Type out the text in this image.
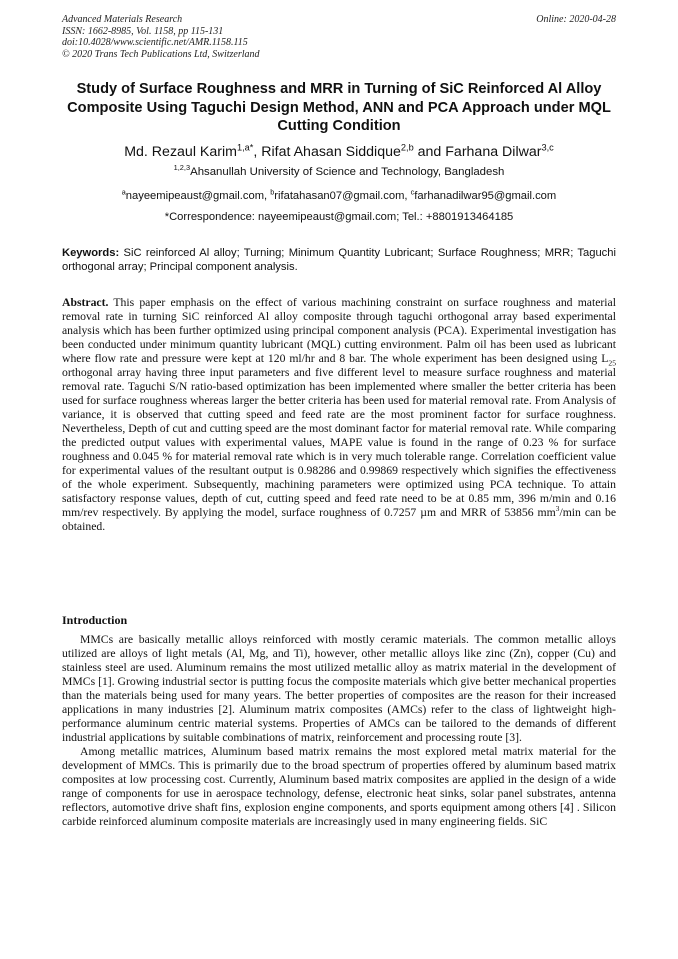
Advanced Materials Research
ISSN: 1662-8985, Vol. 1158, pp 115-131
doi:10.4028/www.scientific.net/AMR.1158.115
© 2020 Trans Tech Publications Ltd, Switzerland
Online: 2020-04-28
Study of Surface Roughness and MRR in Turning of SiC Reinforced Al Alloy Composite Using Taguchi Design Method, ANN and PCA Approach under MQL Cutting Condition
Md. Rezaul Karim$^{1,a*}$, Rifat Ahasan Siddique$^{2,b}$ and Farhana Dilwar$^{3,c}$
$^{1,2,3}$Ahsanullah University of Science and Technology, Bangladesh
$^a$nayeemipeaust@gmail.com, $^b$rifatahasan07@gmail.com, $^c$farhanadilwar95@gmail.com
*Correspondence: nayeemipeaust@gmail.com; Tel.: +8801913464185
Keywords: SiC reinforced Al alloy; Turning; Minimum Quantity Lubricant; Surface Roughness; MRR; Taguchi orthogonal array; Principal component analysis.
Abstract. This paper emphasis on the effect of various machining constraint on surface roughness and material removal rate in turning SiC reinforced Al alloy composite through taguchi orthogonal array based experimental analysis which has been further optimized using principal component analysis (PCA). Experimental investigation has been conducted under minimum quantity lubricant (MQL) cutting environment. Palm oil has been used as lubricant where flow rate and pressure were kept at 120 ml/hr and 8 bar. The whole experiment has been designed using $L_{25}$ orthogonal array having three input parameters and five different level to measure surface roughness and material removal rate. Taguchi S/N ratio-based optimization has been implemented where smaller the better criteria has been used for surface roughness whereas larger the better criteria has been used for material removal rate. From Analysis of variance, it is observed that cutting speed and feed rate are the most prominent factor for surface roughness. Nevertheless, Depth of cut and cutting speed are the most dominant factor for material removal rate. While comparing the predicted output values with experimental values, MAPE value is found in the range of 0.23 % for surface roughness and 0.045 % for material removal rate which is in very much tolerable range. Correlation coefficient value for experimental values of the resultant output is 0.98286 and 0.99869 respectively which signifies the effectiveness of the whole experiment. Subsequently, machining parameters were optimized using PCA technique. To attain satisfactory response values, depth of cut, cutting speed and feed rate need to be at 0.85 mm, 396 m/min and 0.16 mm/rev respectively. By applying the model, surface roughness of 0.7257 µm and MRR of 53856 $mm^3/\min$ can be obtained.
Introduction

MMCs are basically metallic alloys reinforced with mostly ceramic materials. The common metallic alloys utilized are alloys of light metals (Al, Mg, and Ti), however, other metallic alloys like zinc (Zn), copper (Cu) and stainless steel are used. Aluminum remains the most utilized metallic alloy as matrix material in the development of MMCs [1]. Growing industrial sector is putting focus the composite materials which give better mechanical properties than the materials being used for many years. The better properties of composites are the reason for their increased applications in many industries [2]. Aluminum matrix composites (AMCs) refer to the class of lightweight high-performance aluminum centric material systems. Properties of AMCs can be tailored to the demands of different industrial applications by suitable combinations of matrix, reinforcement and processing route [3].

Among metallic matrices, Aluminum based matrix remains the most explored metal matrix material for the development of MMCs. This is primarily due to the broad spectrum of properties offered by aluminum based matrix composites at low processing cost. Currently, Aluminum based matrix composites are applied in the design of a wide range of components for use in aerospace technology, defense, electronic heat sinks, solar panel substrates, antenna reflectors, automotive drive shaft fins, explosion engine components, and sports equipment among others [4] . Silicon carbide reinforced aluminum composite materials are increasingly used in many engineering fields. SiC
